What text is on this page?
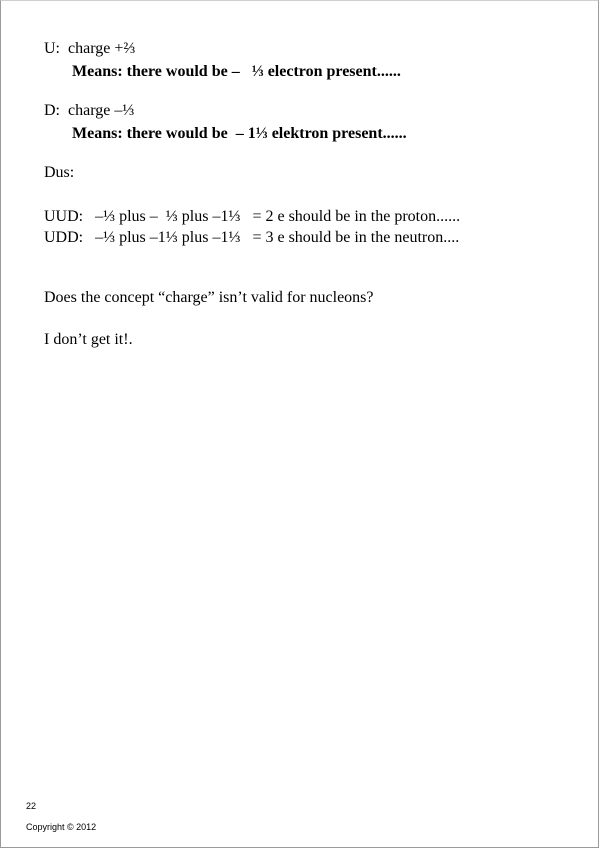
U:  charge +⅔
Means: there would be –   ⅓ electron present......
D:  charge –⅓
Means: there would be  – 1⅓ elektron present......
Dus:
UUD:   –⅓ plus –  ⅓ plus –1⅓   = 2 e should be in the proton......
UDD:   –⅓ plus –1⅓ plus –1⅓   = 3 e should be in the neutron....
Does the concept “charge” isn’t valid for nucleons?
I don’t get it!.
22
Copyright © 2012
